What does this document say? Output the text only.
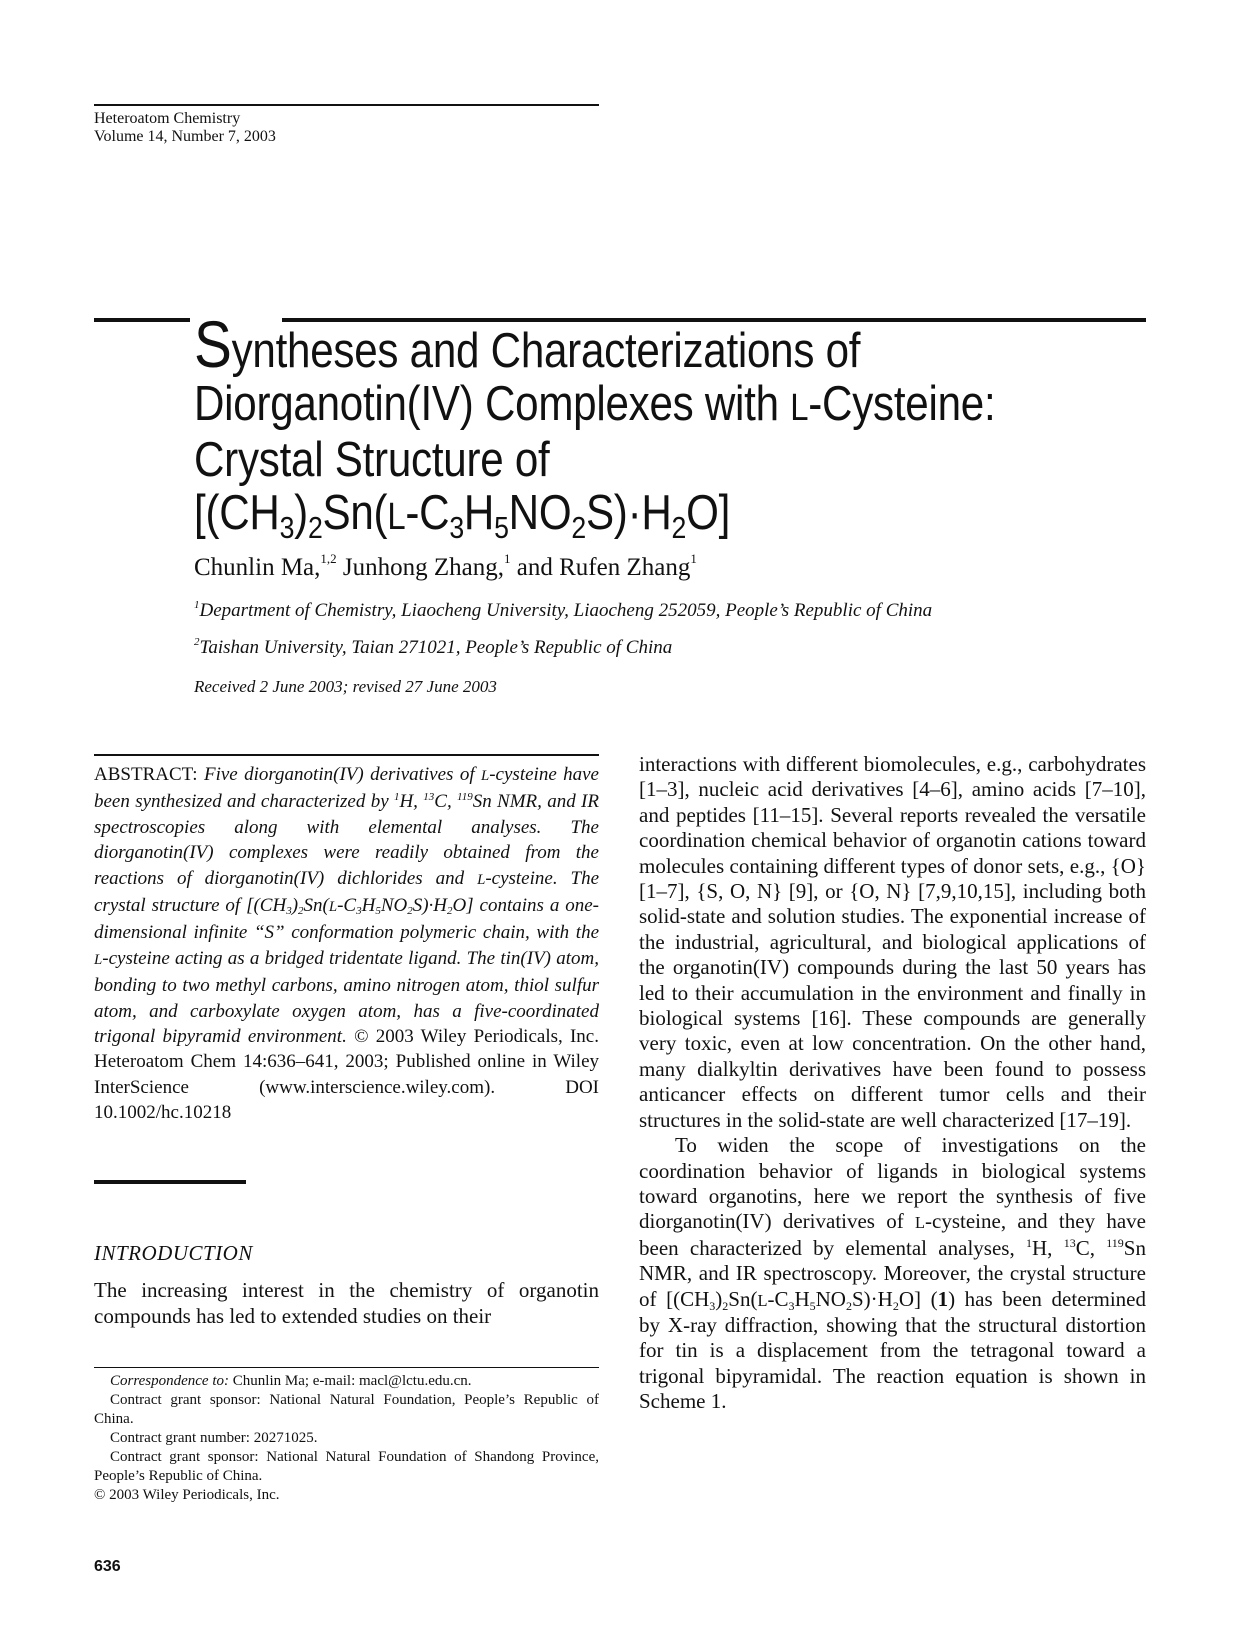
Heteroatom Chemistry
Volume 14, Number 7, 2003
Syntheses and Characterizations of
Diorganotin(IV) Complexes with L-Cysteine:
Crystal Structure of
$[(CH_3)_2Sn(L-C_3H_5NO_2S)\cdot H_2O]$
Chunlin Ma,$^{1,2}$ Junhong Zhang,$^1$ and Rufen Zhang$^1$
$^1$Department of Chemistry, Liaocheng University, Liaocheng 252059, People’s Republic of China
$^2$Taishan University, Taian 271021, People’s Republic of China
Received 2 June 2003; revised 27 June 2003
ABSTRACT: Five diorganotin(IV) derivatives of L-cysteine have been synthesized and characterized by $^1$H, $^{13}$C, $^{119}$Sn NMR, and IR spectroscopies along with elemental analyses. The diorganotin(IV) complexes were readily obtained from the reactions of diorganotin(IV) dichlorides and L-cysteine. The crystal structure of $[(CH_3)_2Sn(L-C_3H_5NO_2S)\cdot H_2O]$ contains a one-dimensional infinite “S” conformation polymeric chain, with the L-cysteine acting as a bridged tridentate ligand. The tin(IV) atom, bonding to two methyl carbons, amino nitrogen atom, thiol sulfur atom, and carboxylate oxygen atom, has a five-coordinated trigonal bipyramid environment. © 2003 Wiley Periodicals, Inc. Heteroatom Chem 14:636–641, 2003; Published online in Wiley InterScience (www.interscience.wiley.com). DOI 10.1002/hc.10218
INTRODUCTION
The increasing interest in the chemistry of organotin compounds has led to extended studies on their
Correspondence to: Chunlin Ma; e-mail: macl@lctu.edu.cn.
Contract grant sponsor: National Natural Foundation, People’s Republic of China.
Contract grant number: 20271025.
Contract grant sponsor: National Natural Foundation of Shandong Province, People’s Republic of China.
© 2003 Wiley Periodicals, Inc.
636

interactions with different biomolecules, e.g., carbohydrates [1–3], nucleic acid derivatives [4–6], amino acids [7–10], and peptides [11–15]. Several reports revealed the versatile coordination chemical behavior of organotin cations toward molecules containing different types of donor sets, e.g., {O} [1–7], {S, O, N} [9], or {O, N} [7,9,10,15], including both solid-state and solution studies. The exponential increase of the industrial, agricultural, and biological applications of the organotin(IV) compounds during the last 50 years has led to their accumulation in the environment and finally in biological systems [16]. These compounds are generally very toxic, even at low concentration. On the other hand, many dialkyltin derivatives have been found to possess anticancer effects on different tumor cells and their structures in the solid-state are well characterized [17–19].

To widen the scope of investigations on the coordination behavior of ligands in biological systems toward organotins, here we report the synthesis of five diorganotin(IV) derivatives of L-cysteine, and they have been characterized by elemental analyses, $^1$H, $^{13}$C, $^{119}$Sn NMR, and IR spectroscopy. Moreover, the crystal structure of $[(CH_3)_2Sn(L-C_3H_5NO_2S)\cdot H_2O]$ (1) has been determined by X-ray diffraction, showing that the structural distortion for tin is a displacement from the tetragonal toward a trigonal bipyramidal. The reaction equation is shown in Scheme 1.
